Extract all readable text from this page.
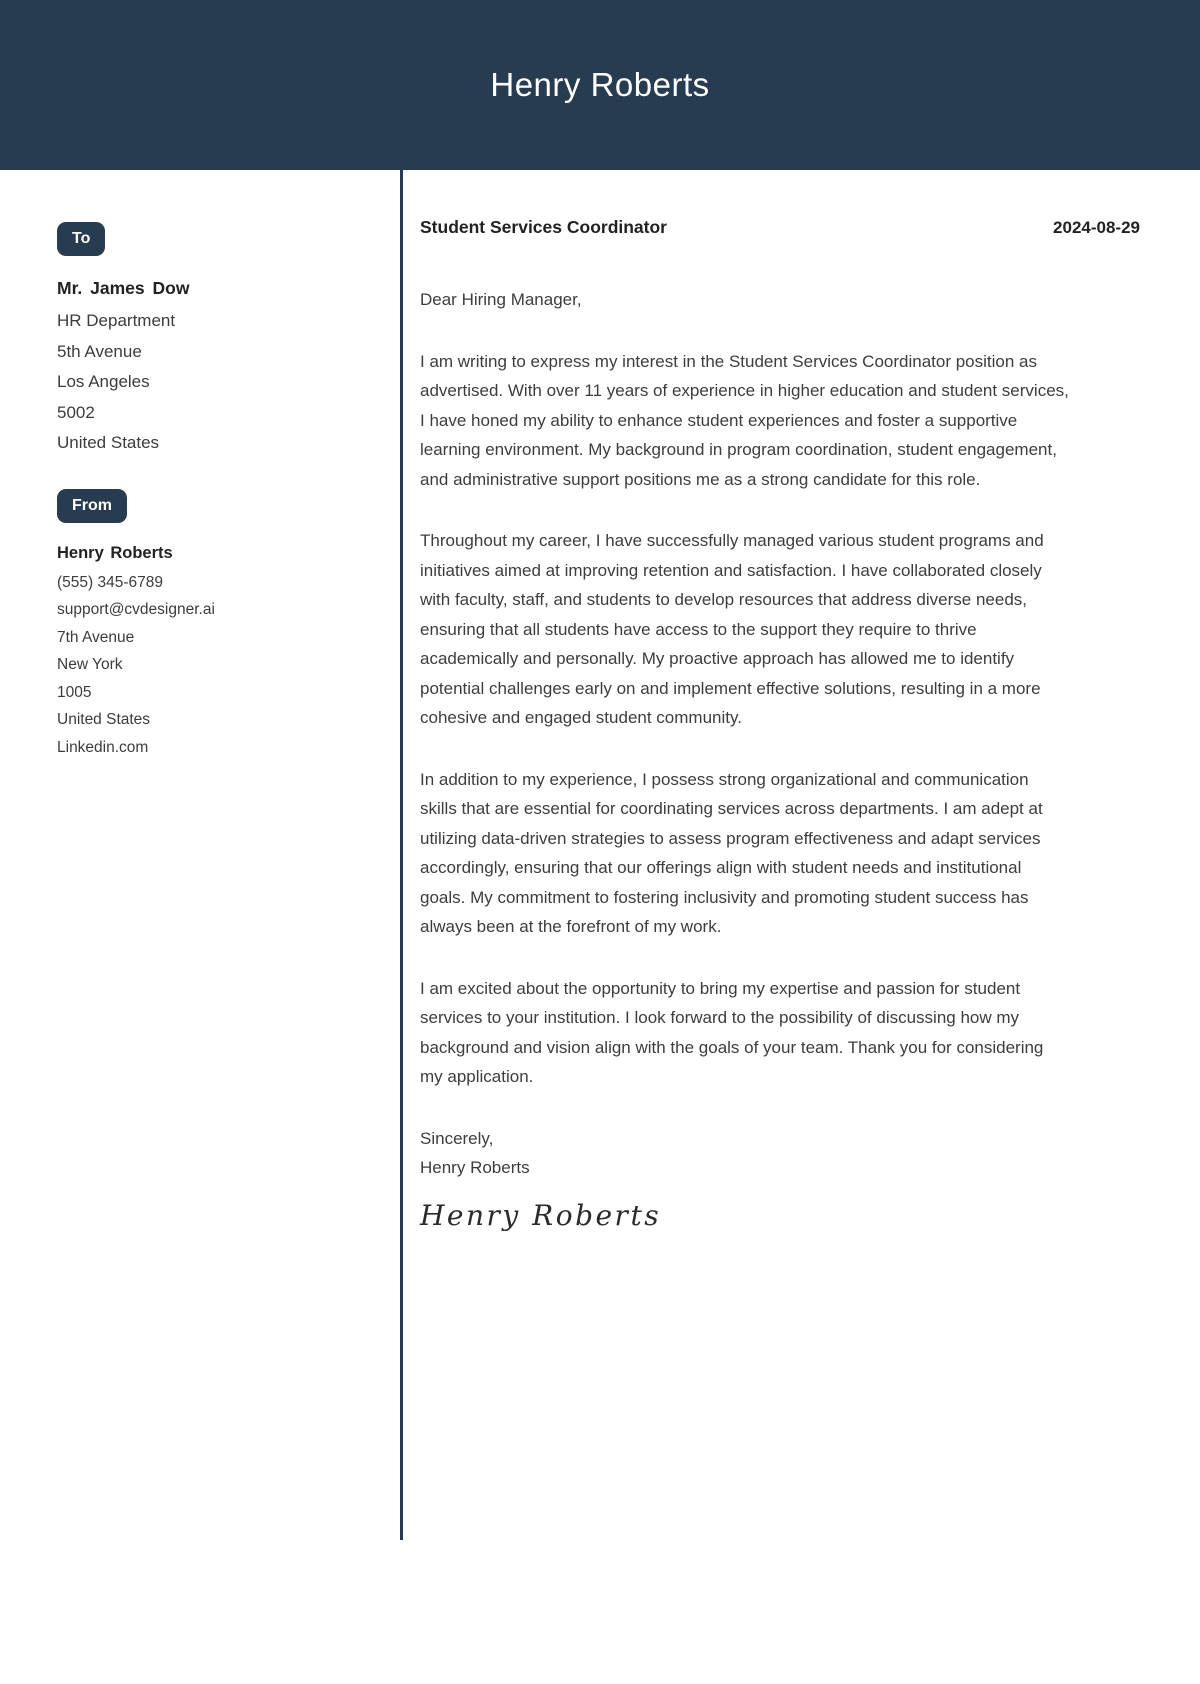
Henry Roberts
To
Mr. James Dow
HR Department
5th Avenue
Los Angeles
5002
United States
From
Henry Roberts
(555) 345-6789
support@cvdesigner.ai
7th Avenue
New York
1005
United States
Linkedin.com
Student Services Coordinator	2024-08-29
Dear Hiring Manager,

I am writing to express my interest in the Student Services Coordinator position as advertised. With over 11 years of experience in higher education and student services, I have honed my ability to enhance student experiences and foster a supportive learning environment. My background in program coordination, student engagement, and administrative support positions me as a strong candidate for this role.

Throughout my career, I have successfully managed various student programs and initiatives aimed at improving retention and satisfaction. I have collaborated closely with faculty, staff, and students to develop resources that address diverse needs, ensuring that all students have access to the support they require to thrive academically and personally. My proactive approach has allowed me to identify potential challenges early on and implement effective solutions, resulting in a more cohesive and engaged student community.

In addition to my experience, I possess strong organizational and communication skills that are essential for coordinating services across departments. I am adept at utilizing data-driven strategies to assess program effectiveness and adapt services accordingly, ensuring that our offerings align with student needs and institutional goals. My commitment to fostering inclusivity and promoting student success has always been at the forefront of my work.

I am excited about the opportunity to bring my expertise and passion for student services to your institution. I look forward to the possibility of discussing how my background and vision align with the goals of your team. Thank you for considering my application.

Sincerely,
Henry Roberts
Henry Roberts
